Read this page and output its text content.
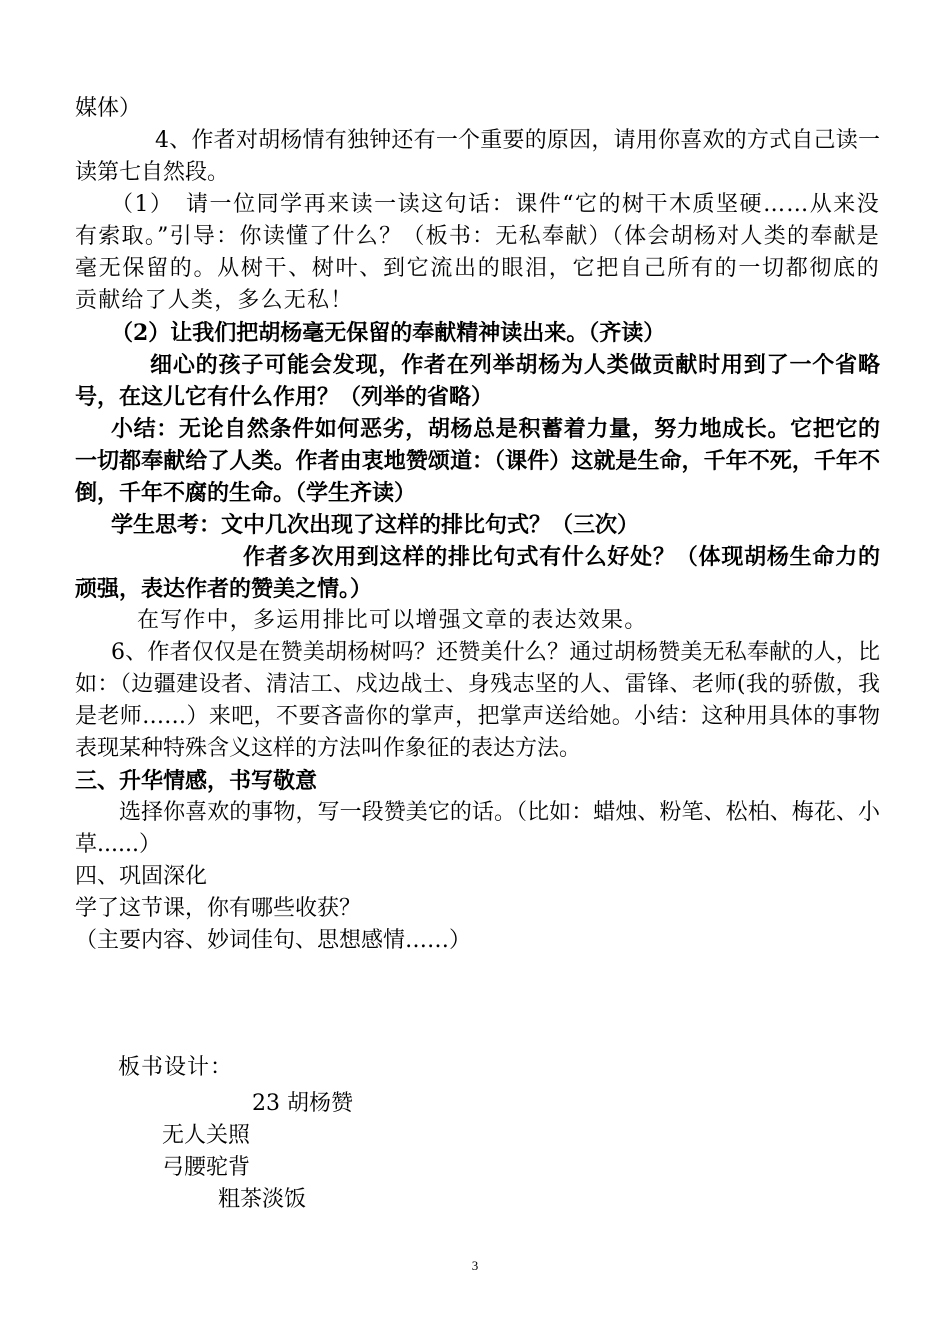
媒体）

4、作者对胡杨情有独钟还有一个重要的原因，请用你喜欢的方式自己读一读第七自然段。

（1）　请一位同学再来读一读这句话：课件“它的树干木质坚硬……从来没有索取。”引导：你读懂了什么？（板书：无私奉献）（体会胡杨对人类的奉献是毫无保留的。从树干、树叶、到它流出的眼泪，它把自己所有的一切都彻底的贡献给了人类，多么无私！

（2）让我们把胡杨毫无保留的奉献精神读出来。（齐读）

细心的孩子可能会发现，作者在列举胡杨为人类做贡献时用到了一个省略号，在这儿它有什么作用？（列举的省略）

小结：无论自然条件如何恶劣，胡杨总是积蓄着力量，努力地成长。它把它的一切都奉献给了人类。作者由衷地赞颂道：（课件）这就是生命，千年不死，千年不倒，千年不腐的生命。（学生齐读）

学生思考：文中几次出现了这样的排比句式？（三次）

作者多次用到这样的排比句式有什么好处？（体现胡杨生命力的顽强，表达作者的赞美之情。）

在写作中，多运用排比可以增强文章的表达效果。

6、作者仅仅是在赞美胡杨树吗？还赞美什么？通过胡杨赞美无私奉献的人，比如：（边疆建设者、清洁工、戍边战士、身残志坚的人、雷锋、老师(我的骄傲，我是老师……）来吧，不要吝啬你的掌声，把掌声送给她。小结：这种用具体的事物表现某种特殊含义这样的方法叫作象征的表达方法。

三、升华情感，书写敬意

选择你喜欢的事物，写一段赞美它的话。（比如：蜡烛、粉笔、松柏、梅花、小草......）

四、巩固深化

学了这节课，你有哪些收获？

（主要内容、妙词佳句、思想感情……）

板书设计：
23 胡杨赞
无人关照
弓腰驼背
粗茶淡饭
3
